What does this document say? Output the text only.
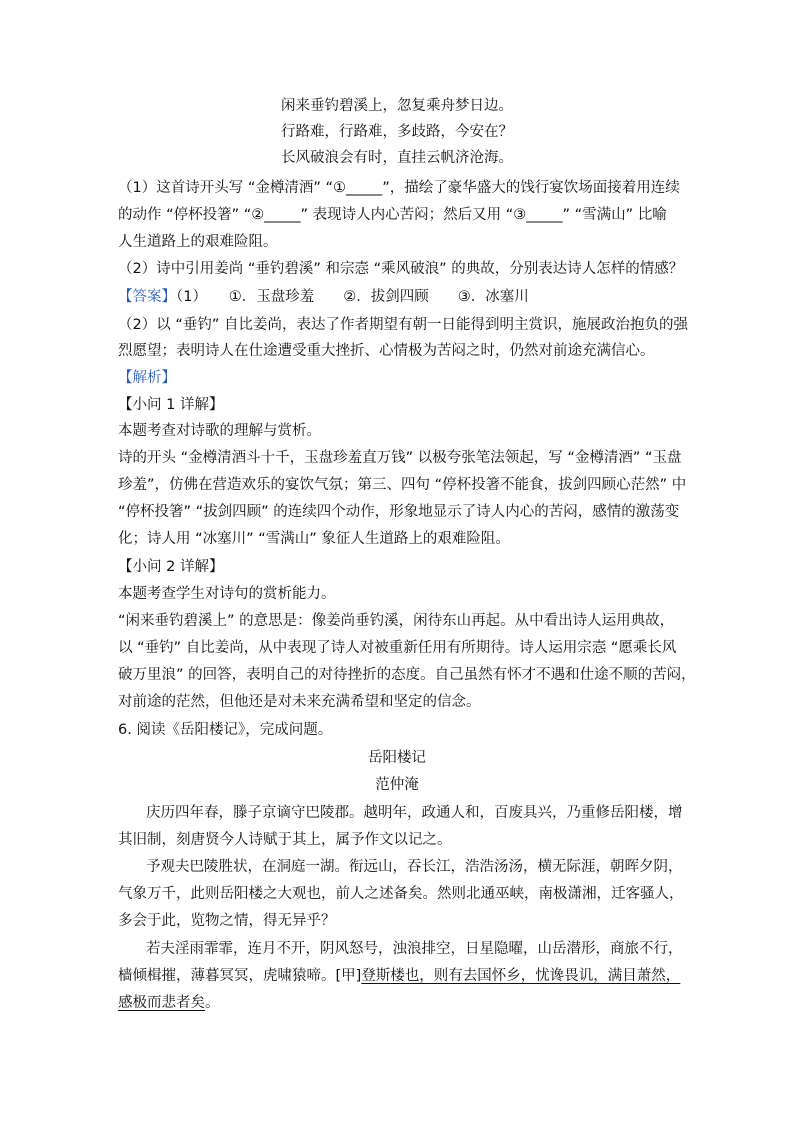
闲来垂钓碧溪上，忽复乘舟梦日边。
行路难，行路难，多歧路，今安在？
长风破浪会有时，直挂云帆济沧海。
（1）这首诗开头写 “金樽清酒” “①_____”，描绘了豪华盛大的饯行宴饮场面接着用连续
的动作 “停杯投箸” “②_____” 表现诗人内心苦闷；然后又用 “③_____” “雪满山” 比喻
人生道路上的艰难险阻。
（2）诗中引用姜尚 “垂钓碧溪” 和宗悫 “乘风破浪” 的典故，分别表达诗人怎样的情感？
【答案】（1）　　①．玉盘珍羞　　②．拔剑四顾　　③．冰塞川
（2）以 “垂钓” 自比姜尚，表达了作者期望有朝一日能得到明主赏识，施展政治抱负的强
烈愿望；表明诗人在仕途遭受重大挫折、心情极为苦闷之时，仍然对前途充满信心。
【解析】
【小问 1 详解】
本题考查对诗歌的理解与赏析。
诗的开头 “金樽清酒斗十千，玉盘珍羞直万钱” 以极夸张笔法领起，写 “金樽清酒” “玉盘
珍羞”，仿佛在营造欢乐的宴饮气氛；第三、四句 “停杯投箸不能食，拔剑四顾心茫然” 中
“停杯投箸” “拔剑四顾” 的连续四个动作，形象地显示了诗人内心的苦闷，感情的激荡变
化；诗人用 “冰塞川” “雪满山” 象征人生道路上的艰难险阻。
【小问 2 详解】
本题考查学生对诗句的赏析能力。
“闲来垂钓碧溪上” 的意思是：像姜尚垂钓溪，闲待东山再起。从中看出诗人运用典故，
以 “垂钓” 自比姜尚，从中表现了诗人对被重新任用有所期待。诗人运用宗悫 “愿乘长风
破万里浪” 的回答，表明自己的对待挫折的态度。自己虽然有怀才不遇和仕途不顺的苦闷，
对前途的茫然，但他还是对未来充满希望和坚定的信念。
6. 阅读《岳阳楼记》，完成问题。
岳阳楼记
范仲淹
庆历四年春，滕子京谪守巴陵郡。越明年，政通人和，百废具兴，乃重修岳阳楼，增
其旧制，刻唐贤今人诗赋于其上，属予作文以记之。
予观夫巴陵胜状，在洞庭一湖。衔远山，吞长江，浩浩汤汤，横无际涯，朝晖夕阴，
气象万千，此则岳阳楼之大观也，前人之述备矣。然则北通巫峡，南极潇湘，迁客骚人，
多会于此，览物之情，得无异乎？
若夫淫雨霏霏，连月不开，阴风怒号，浊浪排空，日星隐曜，山岳潜形，商旅不行，
樯倾楫摧，薄暮冥冥，虎啸猿啼。[甲]登斯楼也，则有去国怀乡，忧谗畏讥，满目萧然，
感极而悲者矣。
